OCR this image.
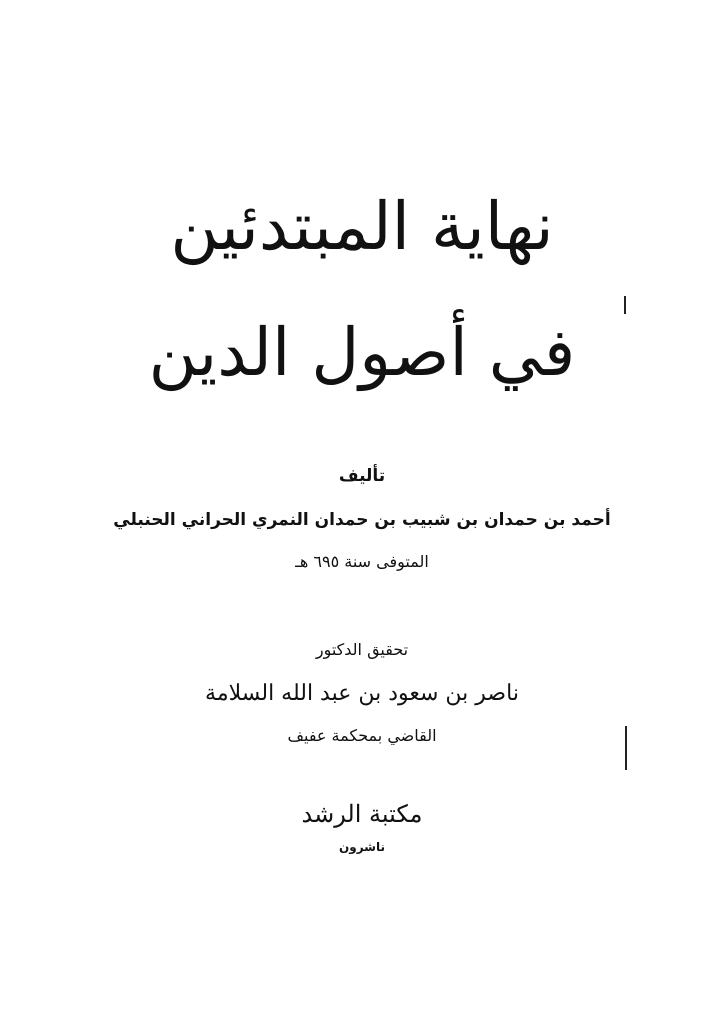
نهاية المبتدئين
في أصول الدين
تأليف
أحمد بن حمدان بن شبيب بن حمدان النمري الحراني الحنبلي
المتوفى سنة ٦٩٥ هـ
تحقيق الدكتور
ناصر بن سعود بن عبد الله السلامة
القاضي بمحكمة عفيف
مكتبة الرشد
ناشرون
